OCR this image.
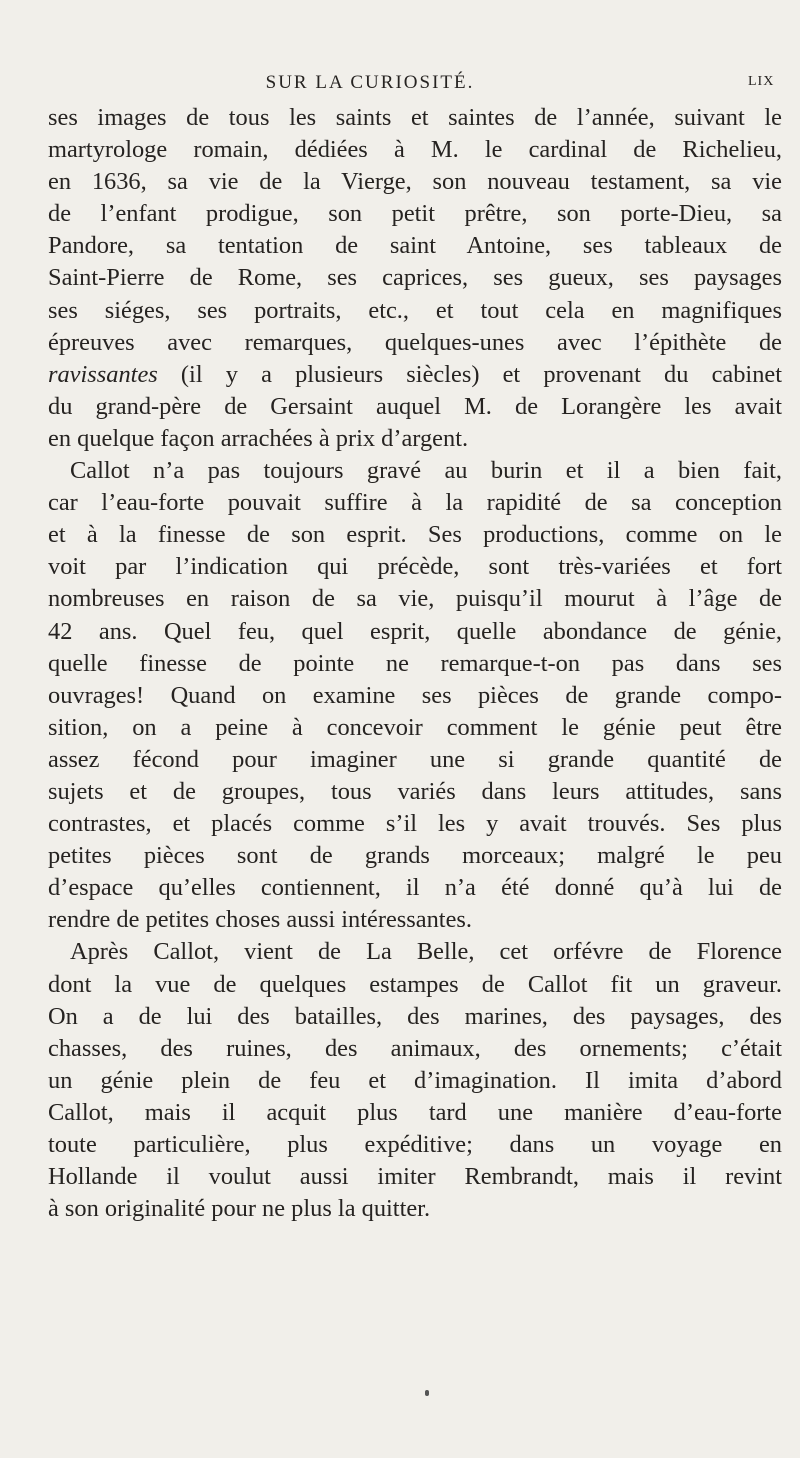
SUR LA CURIOSITÉ.	LIX
ses images de tous les saints et saintes de l’année, suivant le
martyrologe romain, dédiées à M. le cardinal de Richelieu,
en 1636, sa vie de la Vierge, son nouveau testament, sa vie
de l’enfant prodigue, son petit prêtre, son porte-Dieu, sa
Pandore, sa tentation de saint Antoine, ses tableaux de
Saint-Pierre de Rome, ses caprices, ses gueux, ses paysages
ses siéges, ses portraits, etc., et tout cela en magnifiques
épreuves avec remarques, quelques-unes avec l’épithète de
ravissantes (il y a plusieurs siècles) et provenant du cabinet
du grand-père de Gersaint auquel M. de Lorangère les avait
en quelque façon arrachées à prix d’argent.
Callot n’a pas toujours gravé au burin et il a bien fait,
car l’eau-forte pouvait suffire à la rapidité de sa conception
et à la finesse de son esprit. Ses productions, comme on le
voit par l’indication qui précède, sont très-variées et fort
nombreuses en raison de sa vie, puisqu’il mourut à l’âge de
42 ans. Quel feu, quel esprit, quelle abondance de génie,
quelle finesse de pointe ne remarque-t-on pas dans ses
ouvrages! Quand on examine ses pièces de grande compo-
sition, on a peine à concevoir comment le génie peut être
assez fécond pour imaginer une si grande quantité de
sujets et de groupes, tous variés dans leurs attitudes, sans
contrastes, et placés comme s’il les y avait trouvés. Ses plus
petites pièces sont de grands morceaux; malgré le peu
d’espace qu’elles contiennent, il n’a été donné qu’à lui de
rendre de petites choses aussi intéressantes.
Après Callot, vient de La Belle, cet orfévre de Florence
dont la vue de quelques estampes de Callot fit un graveur.
On a de lui des batailles, des marines, des paysages, des
chasses, des ruines, des animaux, des ornements; c’était
un génie plein de feu et d’imagination. Il imita d’abord
Callot, mais il acquit plus tard une manière d’eau-forte
toute particulière, plus expéditive; dans un voyage en
Hollande il voulut aussi imiter Rembrandt, mais il revint
à son originalité pour ne plus la quitter.
